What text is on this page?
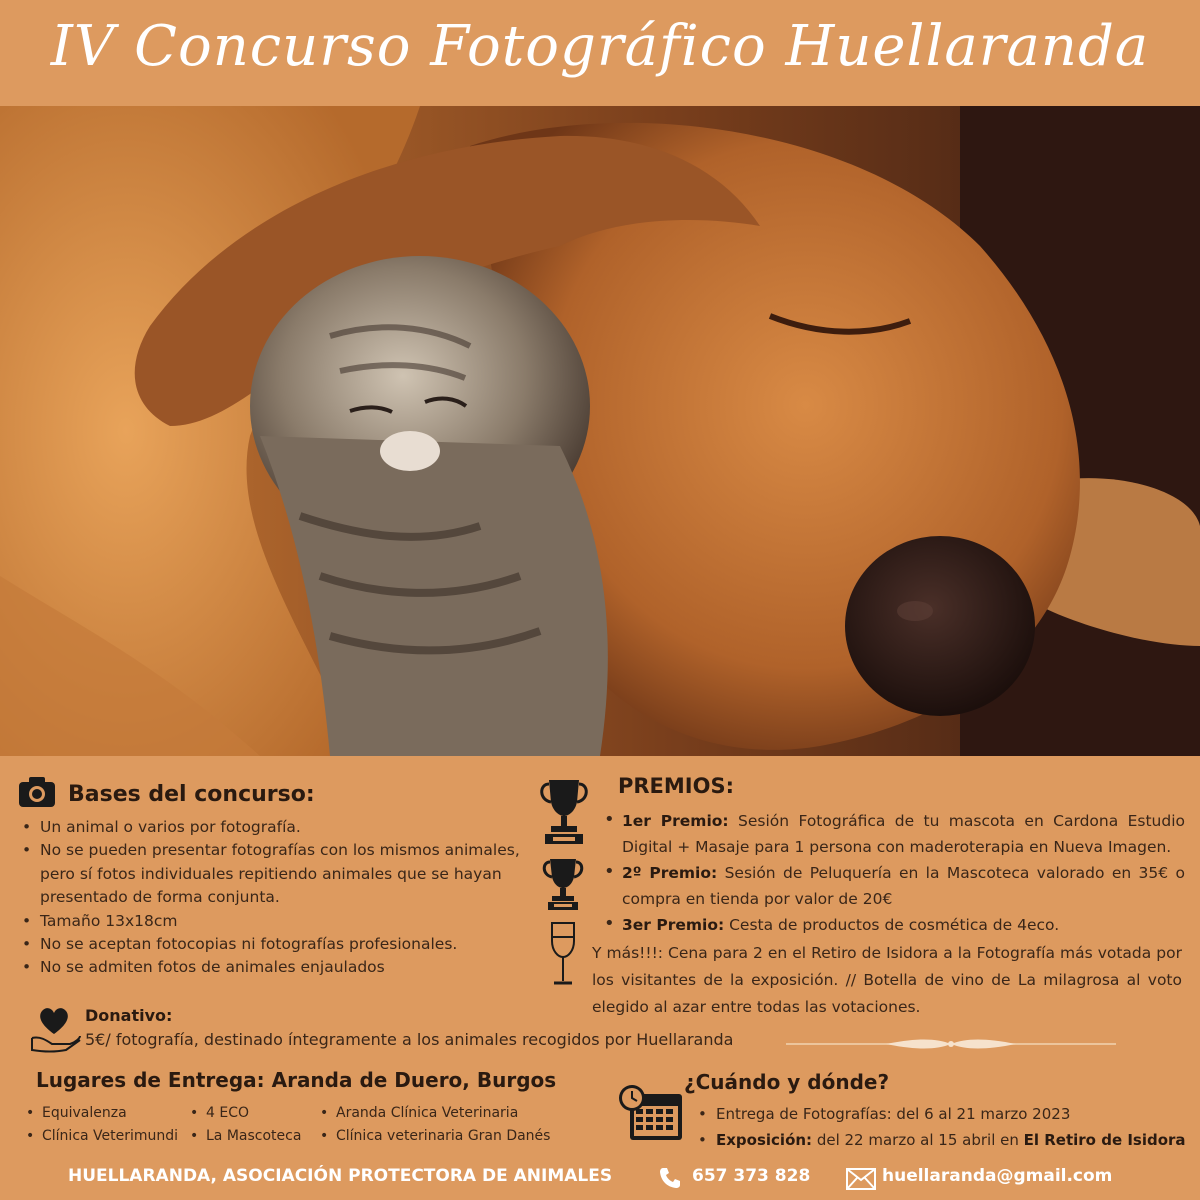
IV Concurso Fotográfico Huellaranda
Bases del concurso:
• Un animal o varios por fotografía.
• No se pueden presentar fotografías con los mismos animales, pero sí fotos individuales repitiendo animales que se hayan presentado de forma conjunta.
• Tamaño 13x18cm
• No se aceptan fotocopias ni fotografías profesionales.
• No se admiten fotos de animales enjaulados
PREMIOS:
• 1er Premio: Sesión Fotográfica de tu mascota en Cardona Estudio Digital + Masaje para 1 persona con maderoterapia en Nueva Imagen.
• 2º Premio: Sesión de Peluquería en la Mascoteca valorado en 35€ o compra en tienda por valor de 20€
• 3er Premio: Cesta de productos de cosmética de 4eco.
Y más!!!: Cena para 2 en el Retiro de Isidora a la Fotografía más votada por los visitantes de la exposición. // Botella de vino de La milagrosa al voto elegido al azar entre todas las votaciones.
Donativo:
5€/ fotografía, destinado íntegramente a los animales recogidos por Huellaranda
Lugares de Entrega: Aranda de Duero, Burgos
• Equivalenza
• Clínica Veterimundi
• 4 ECO
• La Mascoteca
• Aranda Clínica Veterinaria
• Clínica veterinaria Gran Danés
¿Cuándo y dónde?
• Entrega de Fotografías: del 6 al 21 marzo 2023
• Exposición: del 22 marzo al 15 abril en El Retiro de Isidora
HUELLARANDA, ASOCIACIÓN PROTECTORA DE ANIMALES	657 373 828	huellaranda@gmail.com
